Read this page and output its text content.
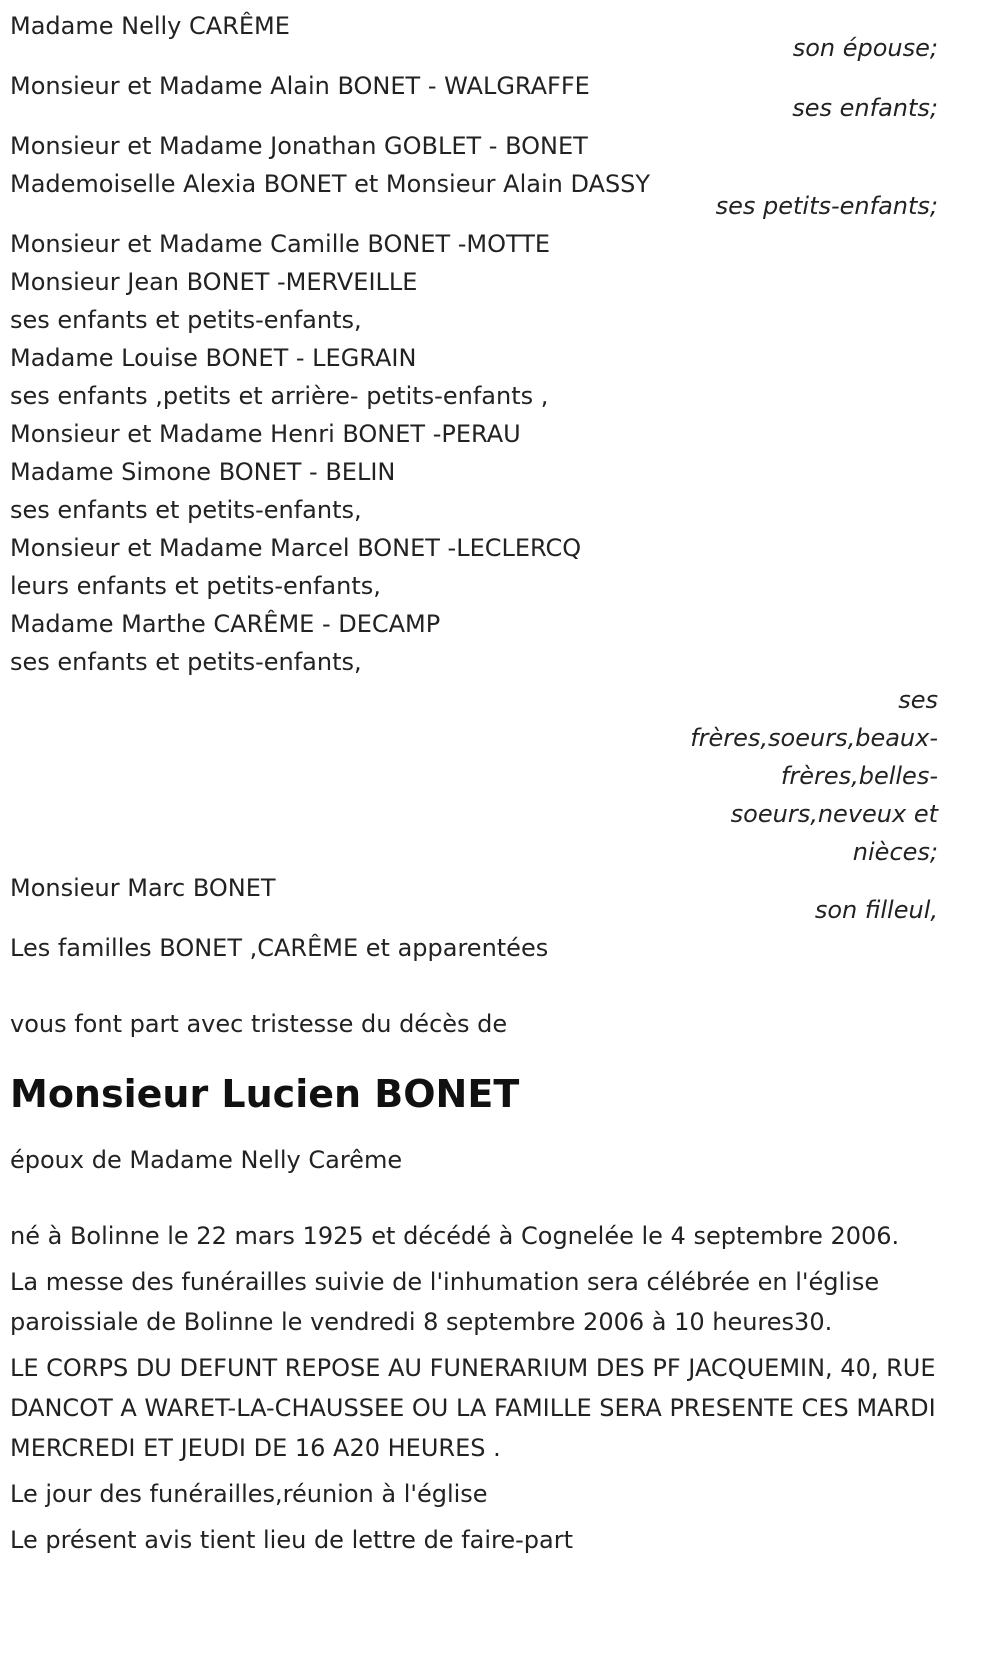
Madame Nelly CARÊME
son épouse;
Monsieur et Madame Alain BONET - WALGRAFFE
ses enfants;
Monsieur et Madame Jonathan GOBLET - BONET
Mademoiselle Alexia BONET et Monsieur Alain DASSY
ses petits-enfants;
Monsieur et Madame Camille BONET -MOTTE
Monsieur Jean BONET -MERVEILLE
ses enfants et petits-enfants,
Madame Louise BONET - LEGRAIN
ses enfants ,petits et arrière- petits-enfants ,
Monsieur et Madame Henri BONET -PERAU
Madame Simone BONET - BELIN
ses enfants et petits-enfants,
Monsieur et Madame Marcel BONET -LECLERCQ
leurs enfants et petits-enfants,
Madame Marthe CARÊME - DECAMP
ses enfants et petits-enfants,
ses
frères,soeurs,beaux-
frères,belles-
soeurs,neveux et
nièces;
Monsieur Marc BONET
son filleul,
Les familles BONET ,CARÊME et apparentées
vous font part avec tristesse du décès de
Monsieur Lucien BONET
époux de Madame Nelly Carême
né à Bolinne le 22 mars 1925 et décédé à Cognelée le 4 septembre 2006.
La messe des funérailles suivie de l'inhumation sera célébrée en l'église paroissiale de Bolinne le vendredi 8 septembre 2006 à 10 heures30.
LE CORPS DU DEFUNT REPOSE AU FUNERARIUM DES PF JACQUEMIN, 40, RUE DANCOT A WARET-LA-CHAUSSEE OU LA FAMILLE SERA PRESENTE CES MARDI MERCREDI ET JEUDI DE 16 A20 HEURES .
Le jour des funérailles,réunion à l'église
Le présent avis tient lieu de lettre de faire-part
